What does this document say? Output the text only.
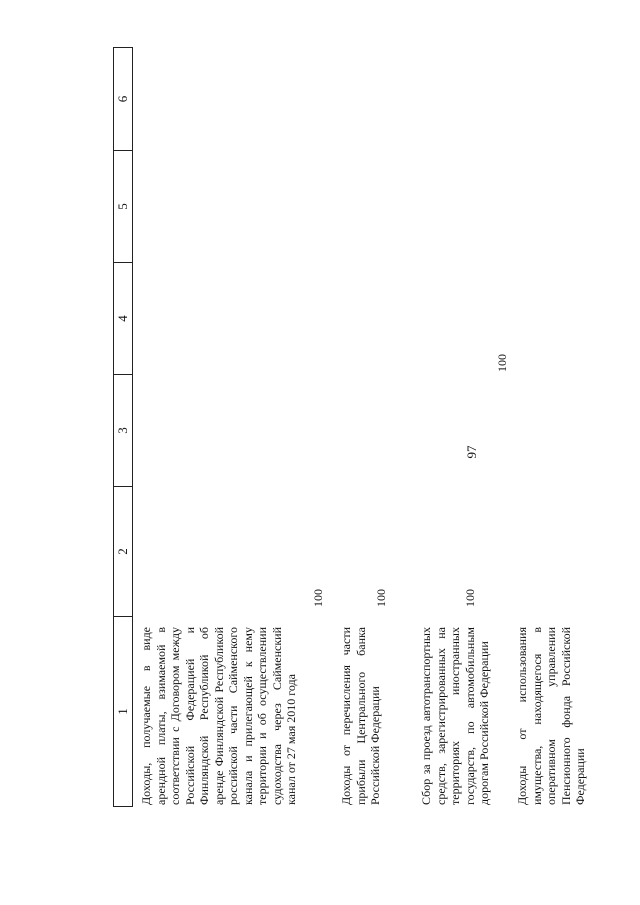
97
1
2
3
4
5
6
Доходы, получаемые в виде арендной платы, взимаемой в соответствии с Договором между Российской Федерацией и Финляндской Республикой об аренде Финляндской Республикой российской части Сайменского канала и прилегающей к нему территории и об осуществлении судоходства через Сайменский канал от 27 мая 2010 года
100
Доходы от перечисления части прибыли Центрального банка Российской Федерации
100
Сбор за проезд автотранспортных средств, зарегистрированных на территориях иностранных государств, по автомобильным дорогам Российской Федерации
100
Доходы от использования имущества, находящегося в оперативном управлении Пенсионного фонда Российской Федерации
100
